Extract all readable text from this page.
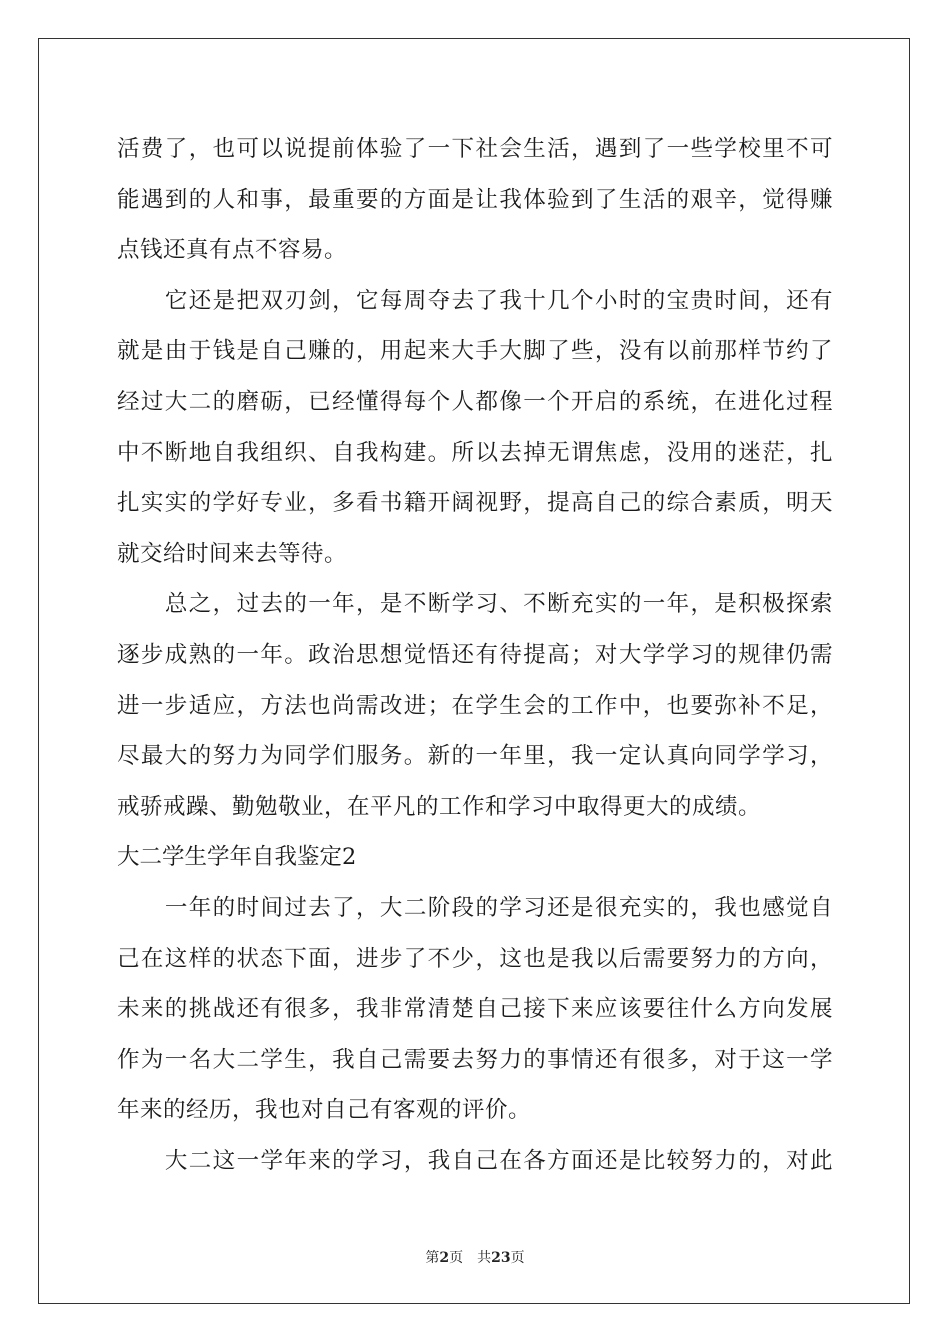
活费了，也可以说提前体验了一下社会生活，遇到了一些学校里不可
能遇到的人和事，最重要的方面是让我体验到了生活的艰辛，觉得赚
点钱还真有点不容易。
它还是把双刃剑，它每周夺去了我十几个小时的宝贵时间，还有
就是由于钱是自己赚的，用起来大手大脚了些，没有以前那样节约了
经过大二的磨砺，已经懂得每个人都像一个开启的系统，在进化过程
中不断地自我组织、自我构建。所以去掉无谓焦虑，没用的迷茫，扎
扎实实的学好专业，多看书籍开阔视野，提高自己的综合素质，明天
就交给时间来去等待。
总之，过去的一年，是不断学习、不断充实的一年，是积极探索
逐步成熟的一年。政治思想觉悟还有待提高；对大学学习的规律仍需
进一步适应，方法也尚需改进；在学生会的工作中，也要弥补不足，
尽最大的努力为同学们服务。新的一年里，我一定认真向同学学习，
戒骄戒躁、勤勉敬业，在平凡的工作和学习中取得更大的成绩。
大二学生学年自我鉴定2
一年的时间过去了，大二阶段的学习还是很充实的，我也感觉自
己在这样的状态下面，进步了不少，这也是我以后需要努力的方向，
未来的挑战还有很多，我非常清楚自己接下来应该要往什么方向发展
作为一名大二学生，我自己需要去努力的事情还有很多，对于这一学
年来的经历，我也对自己有客观的评价。
大二这一学年来的学习，我自己在各方面还是比较努力的，对此
第2页 共23页
